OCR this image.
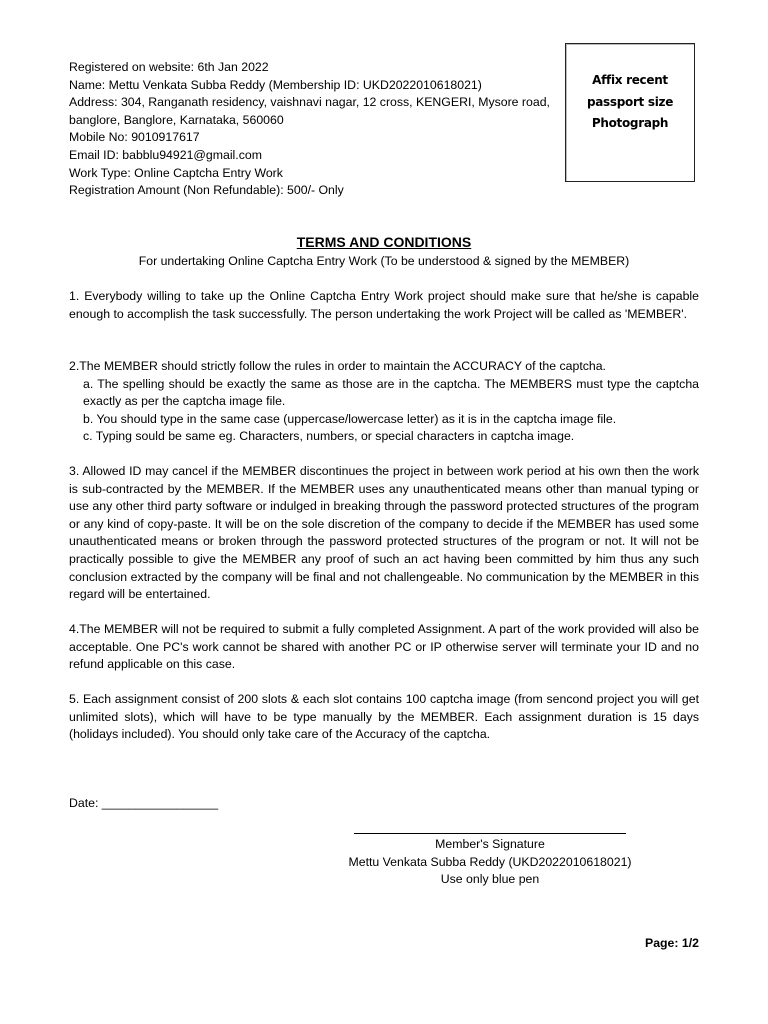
Registered on website: 6th Jan 2022
Name: Mettu Venkata Subba Reddy (Membership ID: UKD2022010618021)
Address: 304, Ranganath residency, vaishnavi nagar, 12 cross, KENGERI, Mysore road,
banglore, Banglore, Karnataka, 560060
Mobile No: 9010917617
Email ID: babblu94921@gmail.com
Work Type: Online Captcha Entry Work
Registration Amount (Non Refundable): 500/- Only
Affix recent
passport size
Photograph
TERMS AND CONDITIONS
For undertaking Online Captcha Entry Work (To be understood & signed by the MEMBER)
1. Everybody willing to take up the Online Captcha Entry Work project should make sure that he/she is capable enough to accomplish the task successfully. The person undertaking the work Project will be called as 'MEMBER'.
2.The MEMBER should strictly follow the rules in order to maintain the ACCURACY of the captcha.
a. The spelling should be exactly the same as those are in the captcha. The MEMBERS must type the captcha exactly as per the captcha image file.
b. You should type in the same case (uppercase/lowercase letter) as it is in the captcha image file.
c. Typing sould be same eg. Characters, numbers, or special characters in captcha image.
3. Allowed ID may cancel if the MEMBER discontinues the project in between work period at his own then the work is sub-contracted by the MEMBER. If the MEMBER uses any unauthenticated means other than manual typing or use any other third party software or indulged in breaking through the password protected structures of the program or any kind of copy-paste. It will be on the sole discretion of the company to decide if the MEMBER has used some unauthenticated means or broken through the password protected structures of the program or not. It will not be practically possible to give the MEMBER any proof of such an act having been committed by him thus any such conclusion extracted by the company will be final and not challengeable. No communication by the MEMBER in this regard will be entertained.
4.The MEMBER will not be required to submit a fully completed Assignment. A part of the work provided will also be acceptable. One PC's work cannot be shared with another PC or IP otherwise server will terminate your ID and no refund applicable on this case.
5. Each assignment consist of 200 slots & each slot contains 100 captcha image (from sencond project you will get unlimited slots), which will have to be type manually by the MEMBER. Each assignment duration is 15 days (holidays included). You should only take care of the Accuracy of the captcha.
Date: _________________
Member's Signature
Mettu Venkata Subba Reddy (UKD2022010618021)
Use only blue pen
Page: 1/2
